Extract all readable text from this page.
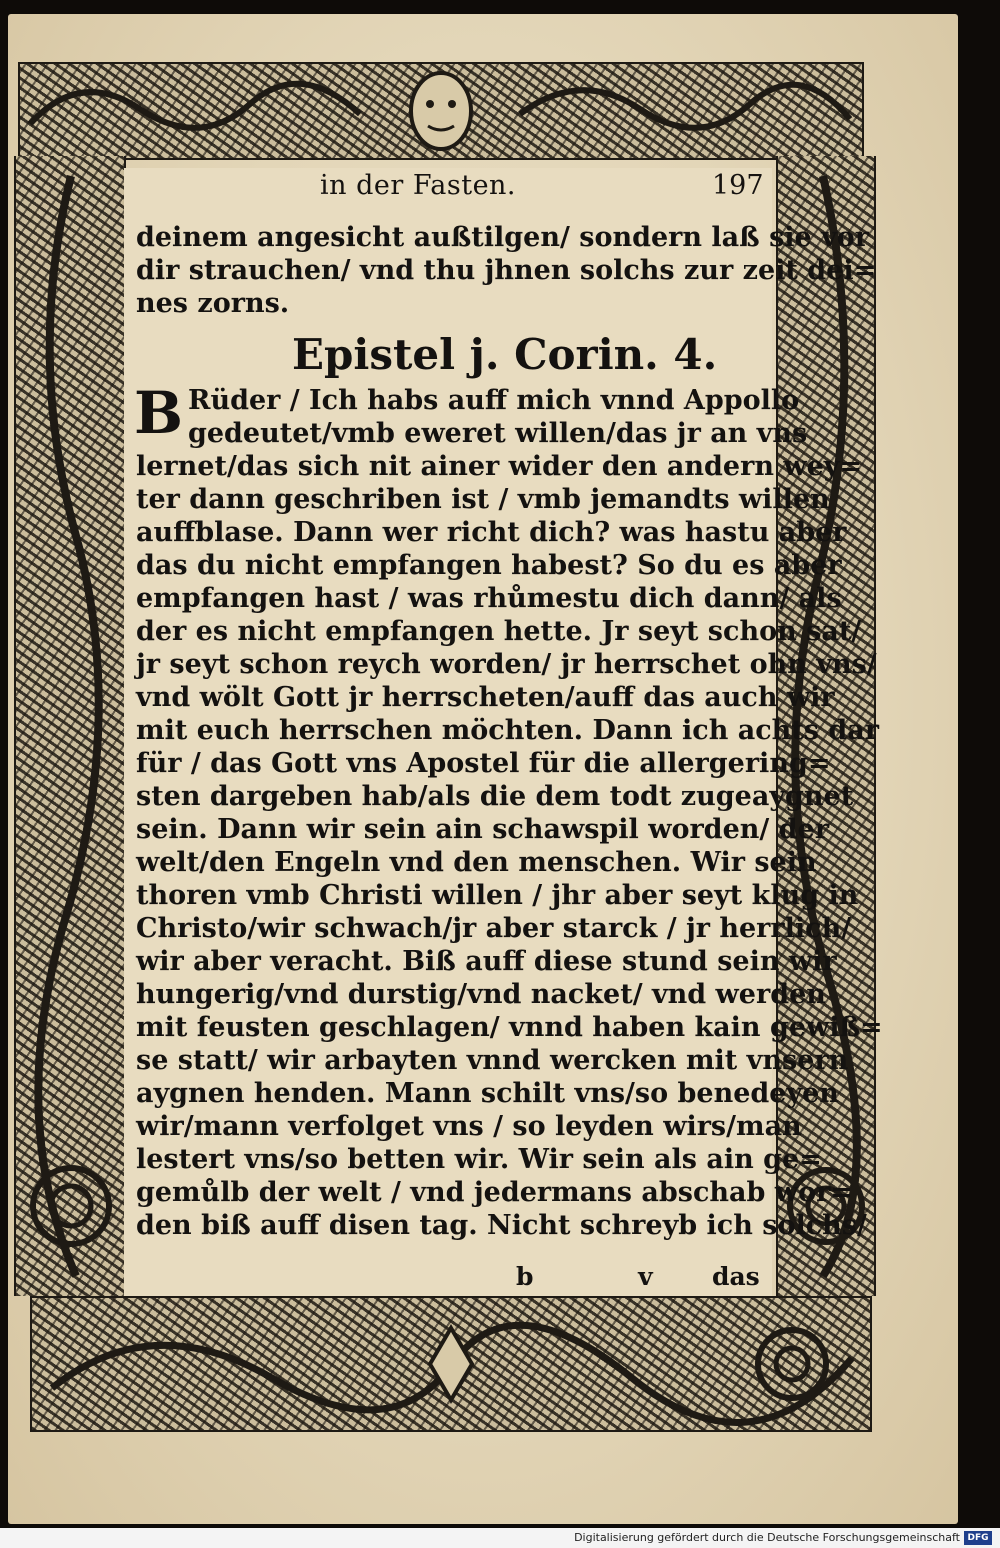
in der Fasten.	197
deinem angesicht außtilgen/ sondern laß sie vor
dir strauchen/ vnd thu jhnen solchs zur zeit dei=
nes zorns.
Epistel j. Corin. 4.
B Rüder / Ich habs auff mich vnnd Appollo
gedeutet/vmb eweret willen/das jr an vns
lernet/das sich nit ainer wider den andern wey=
ter dann geschriben ist / vmb jemandts willen
auffblase. Dann wer richt dich? was hastu aber
das du nicht empfangen habest? So du es aber
empfangen hast / was rhůmestu dich dann/ als
der es nicht empfangen hette. Jr seyt schon sat/
jr seyt schon reych worden/ jr herrschet ohn vns/
vnd wölt Gott jr herrscheten/auff das auch wir
mit euch herrschen möchten. Dann ich achts dar
für / das Gott vns Apostel für die allergering=
sten dargeben hab/als die dem todt zugeaygnet
sein. Dann wir sein ain schawspil worden/ der
welt/den Engeln vnd den menschen. Wir sein
thoren vmb Christi willen / jhr aber seyt klug in
Christo/wir schwach/jr aber starck / jr herrlich/
wir aber veracht. Biß auff diese stund sein wir
hungerig/vnd durstig/vnd nacket/ vnd werden
mit feusten geschlagen/ vnnd haben kain gewiß=
se statt/ wir arbayten vnnd wercken mit vnsern
aygnen henden. Mann schilt vns/so benedeyen
wir/mann verfolget vns / so leyden wirs/man
lestert vns/so betten wir. Wir sein als ain ge=
gemůlb der welt / vnd jedermans abschab wor=
den biß auff disen tag. Nicht schreyb ich solchs/
b v das
Digitalisierung gefördert durch die Deutsche Forschungsgemeinschaft DFG
